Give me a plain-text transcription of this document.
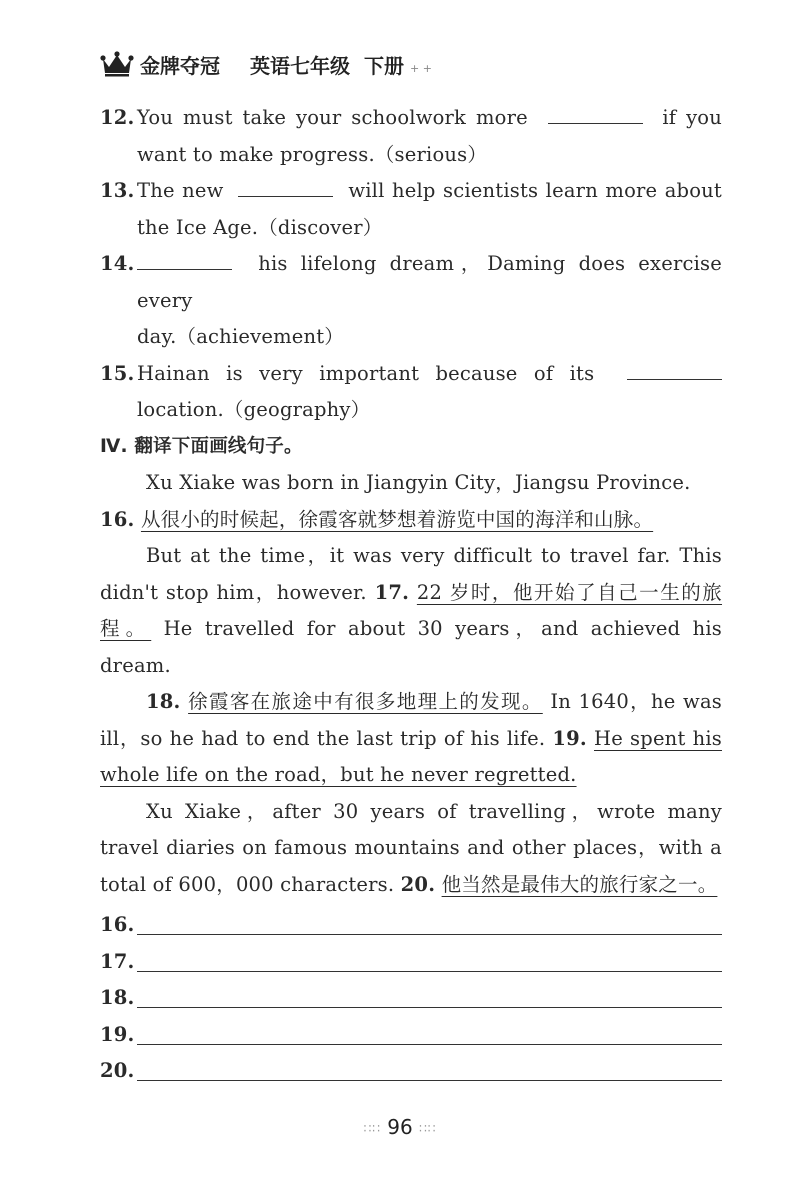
金牌夺冠 英语七年级 下册 + +
12. You must take your schoolwork more	if you
want to make progress.（serious）
13. The new	will help scientists learn more about
the Ice Age.（discover）
14.	his lifelong dream，Daming does exercise every
day.（achievement）
15. Hainan is very important because of its
location.（geography）
Ⅳ. 翻译下面画线句子。
Xu Xiake was born in Jiangyin City，Jiangsu Province.

16. 从很小的时候起，徐霞客就梦想着游览中国的海洋和山脉。
But at the time，it was very difficult to travel far. This didn't stop him，however. 17. 22 岁时，他开始了自己一生的旅程。 He travelled for about 30 years，and achieved his dream.
18. 徐霞客在旅途中有很多地理上的发现。 In 1640，he was ill，so he had to end the last trip of his life. 19. He spent his whole life on the road，but he never regretted.
Xu Xiake，after 30 years of travelling，wrote many travel diaries on famous mountains and other places，with a total of 600，000 characters. 20. 他当然是最伟大的旅行家之一。
16.
17.
18.
19.
20.
∷∷ 96 ∷∷
